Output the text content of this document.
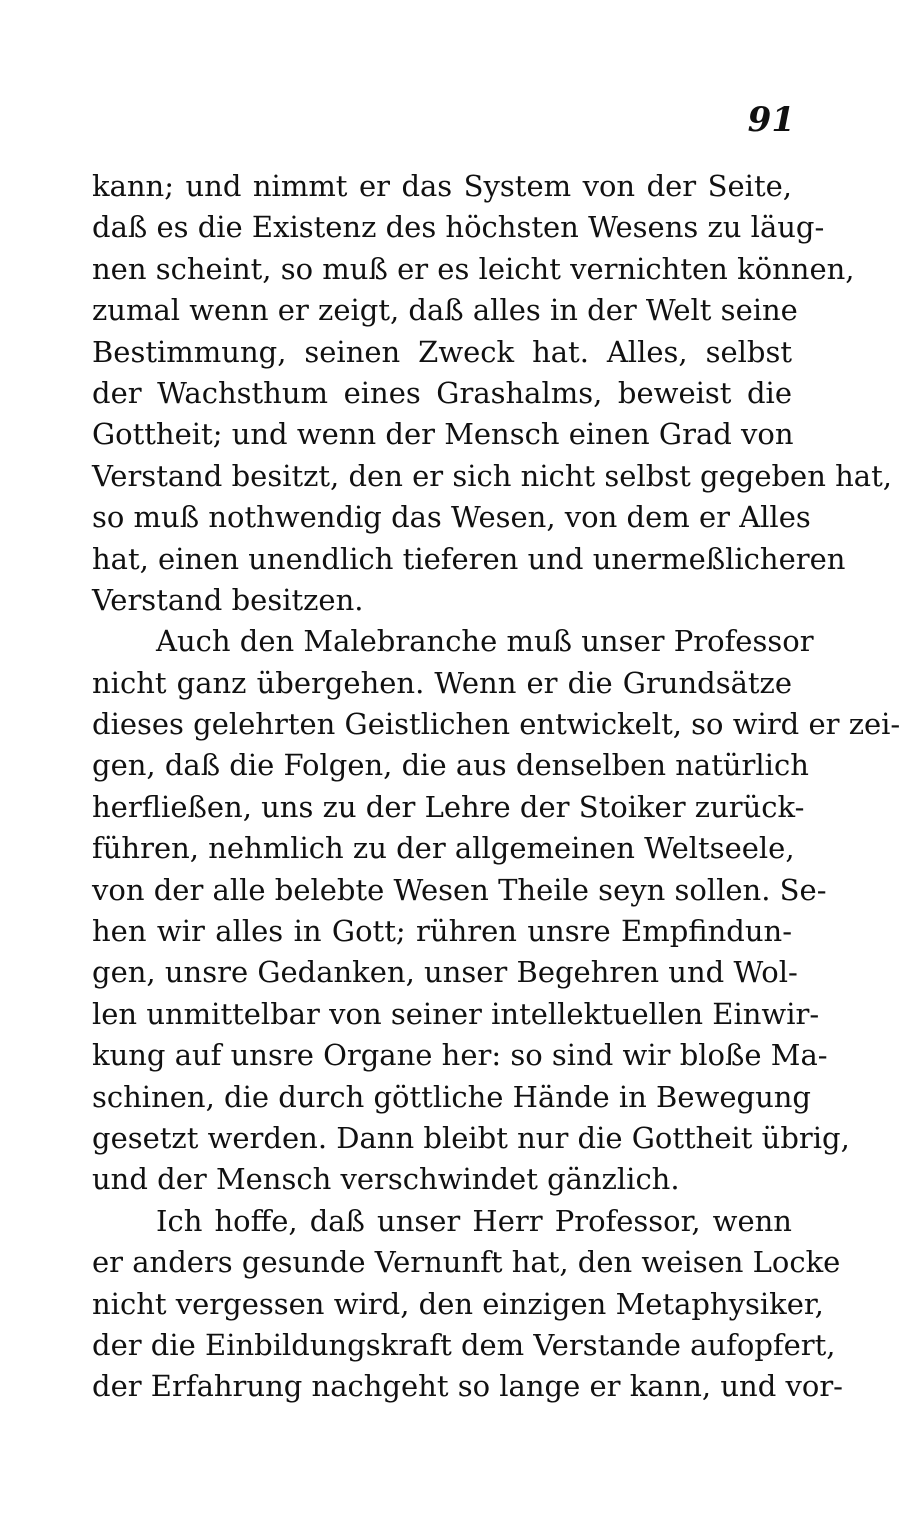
91
kann; und nimmt er das System von der Seite,
daß es die Existenz des höchsten Wesens zu läug-
nen scheint, so muß er es leicht vernichten können,
zumal wenn er zeigt, daß alles in der Welt seine
Bestimmung, seinen Zweck hat. Alles, selbst
der Wachsthum eines Grashalms, beweist die
Gottheit; und wenn der Mensch einen Grad von
Verstand besitzt, den er sich nicht selbst gegeben hat,
so muß nothwendig das Wesen, von dem er Alles
hat, einen unendlich tieferen und unermeßlicheren
Verstand besitzen.
Auch den Malebranche muß unser Professor
nicht ganz übergehen. Wenn er die Grundsätze
dieses gelehrten Geistlichen entwickelt, so wird er zei-
gen, daß die Folgen, die aus denselben natürlich
herfließen, uns zu der Lehre der Stoiker zurück-
führen, nehmlich zu der allgemeinen Weltseele,
von der alle belebte Wesen Theile seyn sollen. Se-
hen wir alles in Gott; rühren unsre Empfindun-
gen, unsre Gedanken, unser Begehren und Wol-
len unmittelbar von seiner intellektuellen Einwir-
kung auf unsre Organe her: so sind wir bloße Ma-
schinen, die durch göttliche Hände in Bewegung
gesetzt werden. Dann bleibt nur die Gottheit übrig,
und der Mensch verschwindet gänzlich.
Ich hoffe, daß unser Herr Professor, wenn
er anders gesunde Vernunft hat, den weisen Locke
nicht vergessen wird, den einzigen Metaphysiker,
der die Einbildungskraft dem Verstande aufopfert,
der Erfahrung nachgeht so lange er kann, und vor-
